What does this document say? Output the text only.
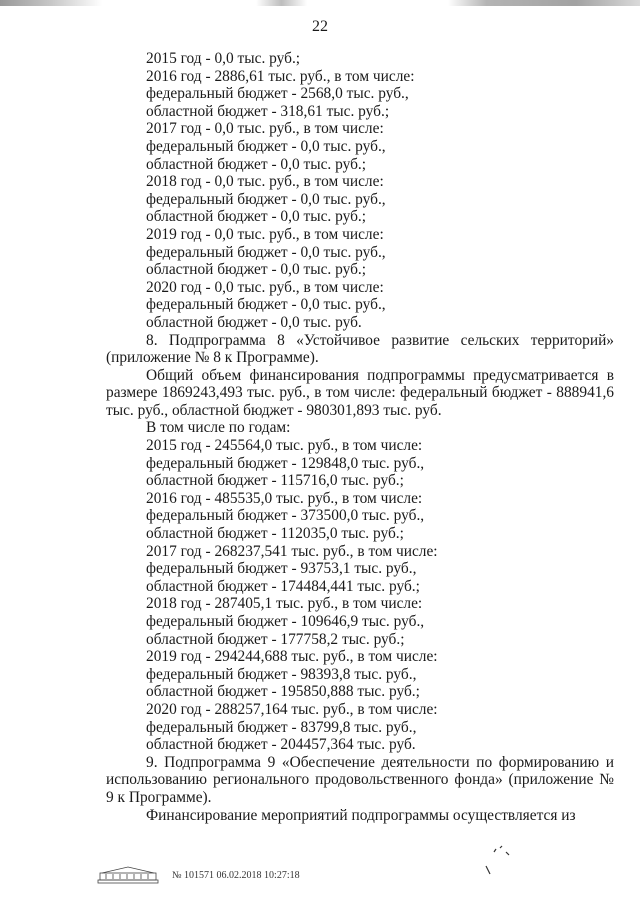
22
2015 год - 0,0 тыс. руб.;
2016 год - 2886,61 тыс. руб., в том числе:
федеральный бюджет - 2568,0 тыс. руб.,
областной бюджет - 318,61 тыс. руб.;
2017 год - 0,0 тыс. руб., в том числе:
федеральный бюджет - 0,0 тыс. руб.,
областной бюджет - 0,0 тыс. руб.;
2018 год - 0,0 тыс. руб., в том числе:
федеральный бюджет - 0,0 тыс. руб.,
областной бюджет - 0,0 тыс. руб.;
2019 год - 0,0 тыс. руб., в том числе:
федеральный бюджет - 0,0 тыс. руб.,
областной бюджет - 0,0 тыс. руб.;
2020 год - 0,0 тыс. руб., в том числе:
федеральный бюджет - 0,0 тыс. руб.,
областной бюджет - 0,0 тыс. руб.
8. Подпрограмма 8 «Устойчивое развитие сельских территорий» (приложение № 8 к Программе).
Общий объем финансирования подпрограммы предусматривается в размере 1869243,493 тыс. руб., в том числе: федеральный бюджет - 888941,6 тыс. руб., областной бюджет - 980301,893 тыс. руб.
В том числе по годам:
2015 год - 245564,0 тыс. руб., в том числе:
федеральный бюджет - 129848,0 тыс. руб.,
областной бюджет - 115716,0 тыс. руб.;
2016 год - 485535,0 тыс. руб., в том числе:
федеральный бюджет - 373500,0 тыс. руб.,
областной бюджет - 112035,0 тыс. руб.;
2017 год - 268237,541 тыс. руб., в том числе:
федеральный бюджет - 93753,1 тыс. руб.,
областной бюджет - 174484,441 тыс. руб.;
2018 год - 287405,1 тыс. руб., в том числе:
федеральный бюджет - 109646,9 тыс. руб.,
областной бюджет - 177758,2 тыс. руб.;
2019 год - 294244,688 тыс. руб., в том числе:
федеральный бюджет - 98393,8 тыс. руб.,
областной бюджет - 195850,888 тыс. руб.;
2020 год - 288257,164 тыс. руб., в том числе:
федеральный бюджет - 83799,8 тыс. руб.,
областной бюджет - 204457,364 тыс. руб.
9. Подпрограмма 9 «Обеспечение деятельности по формированию и использованию регионального продовольственного фонда» (приложение № 9 к Программе).
Финансирование мероприятий подпрограммы осуществляется из
№ 101571 06.02.2018 10:27:18
